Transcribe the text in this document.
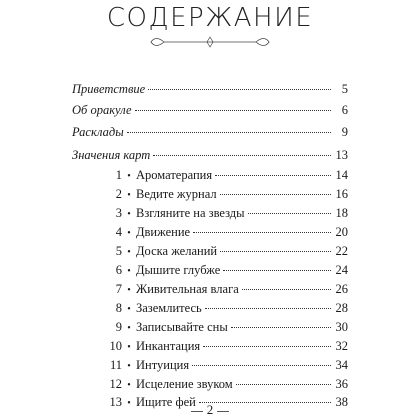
СОДЕРЖАНИЕ
Приветствие	5
Об оракуле	6
Расклады	9
Значения карт	13
1 • Ароматерапия	14
2 • Ведите журнал	16
3 • Взгляните на звезды	18
4 • Движение	20
5 • Доска желаний	22
6 • Дышите глубже	24
7 • Живительная влага	26
8 • Заземлитесь	28
9 • Записывайте сны	30
10 • Инкантация	32
11 • Интуиция	34
12 • Исцеление звуком	36
13 • Ищите фей	38
2
